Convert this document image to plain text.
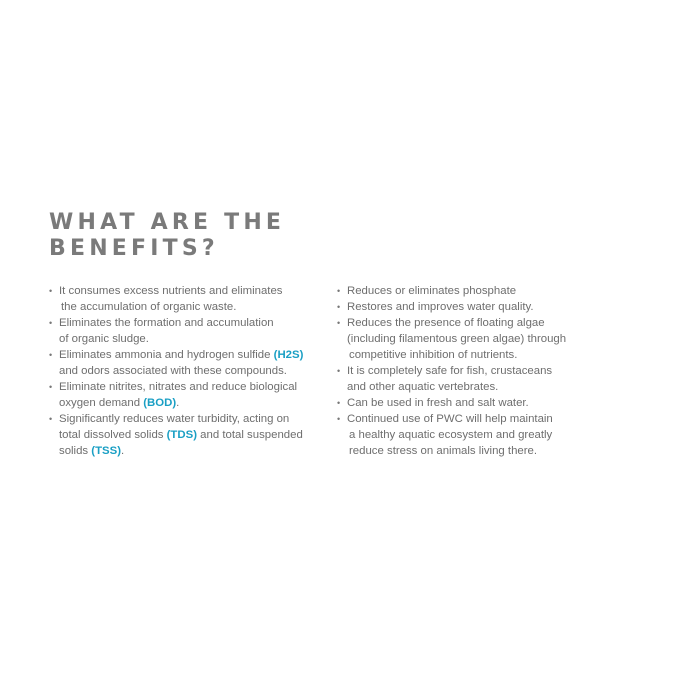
WHAT ARE THE
BENEFITS?
• It consumes excess nutrients and eliminates
the accumulation of organic waste.
• Eliminates the formation and accumulation
of organic sludge.
• Eliminates ammonia and hydrogen sulfide (H2S)
and odors associated with these compounds.
• Eliminate nitrites, nitrates and reduce biological
oxygen demand (BOD).
• Significantly reduces water turbidity, acting on
total dissolved solids (TDS) and total suspended
solids (TSS).
• Reduces or eliminates phosphate
• Restores and improves water quality.
• Reduces the presence of floating algae
(including filamentous green algae) through
competitive inhibition of nutrients.
• It is completely safe for fish, crustaceans
and other aquatic vertebrates.
• Can be used in fresh and salt water.
• Continued use of PWC will help maintain
a healthy aquatic ecosystem and greatly
reduce stress on animals living there.
